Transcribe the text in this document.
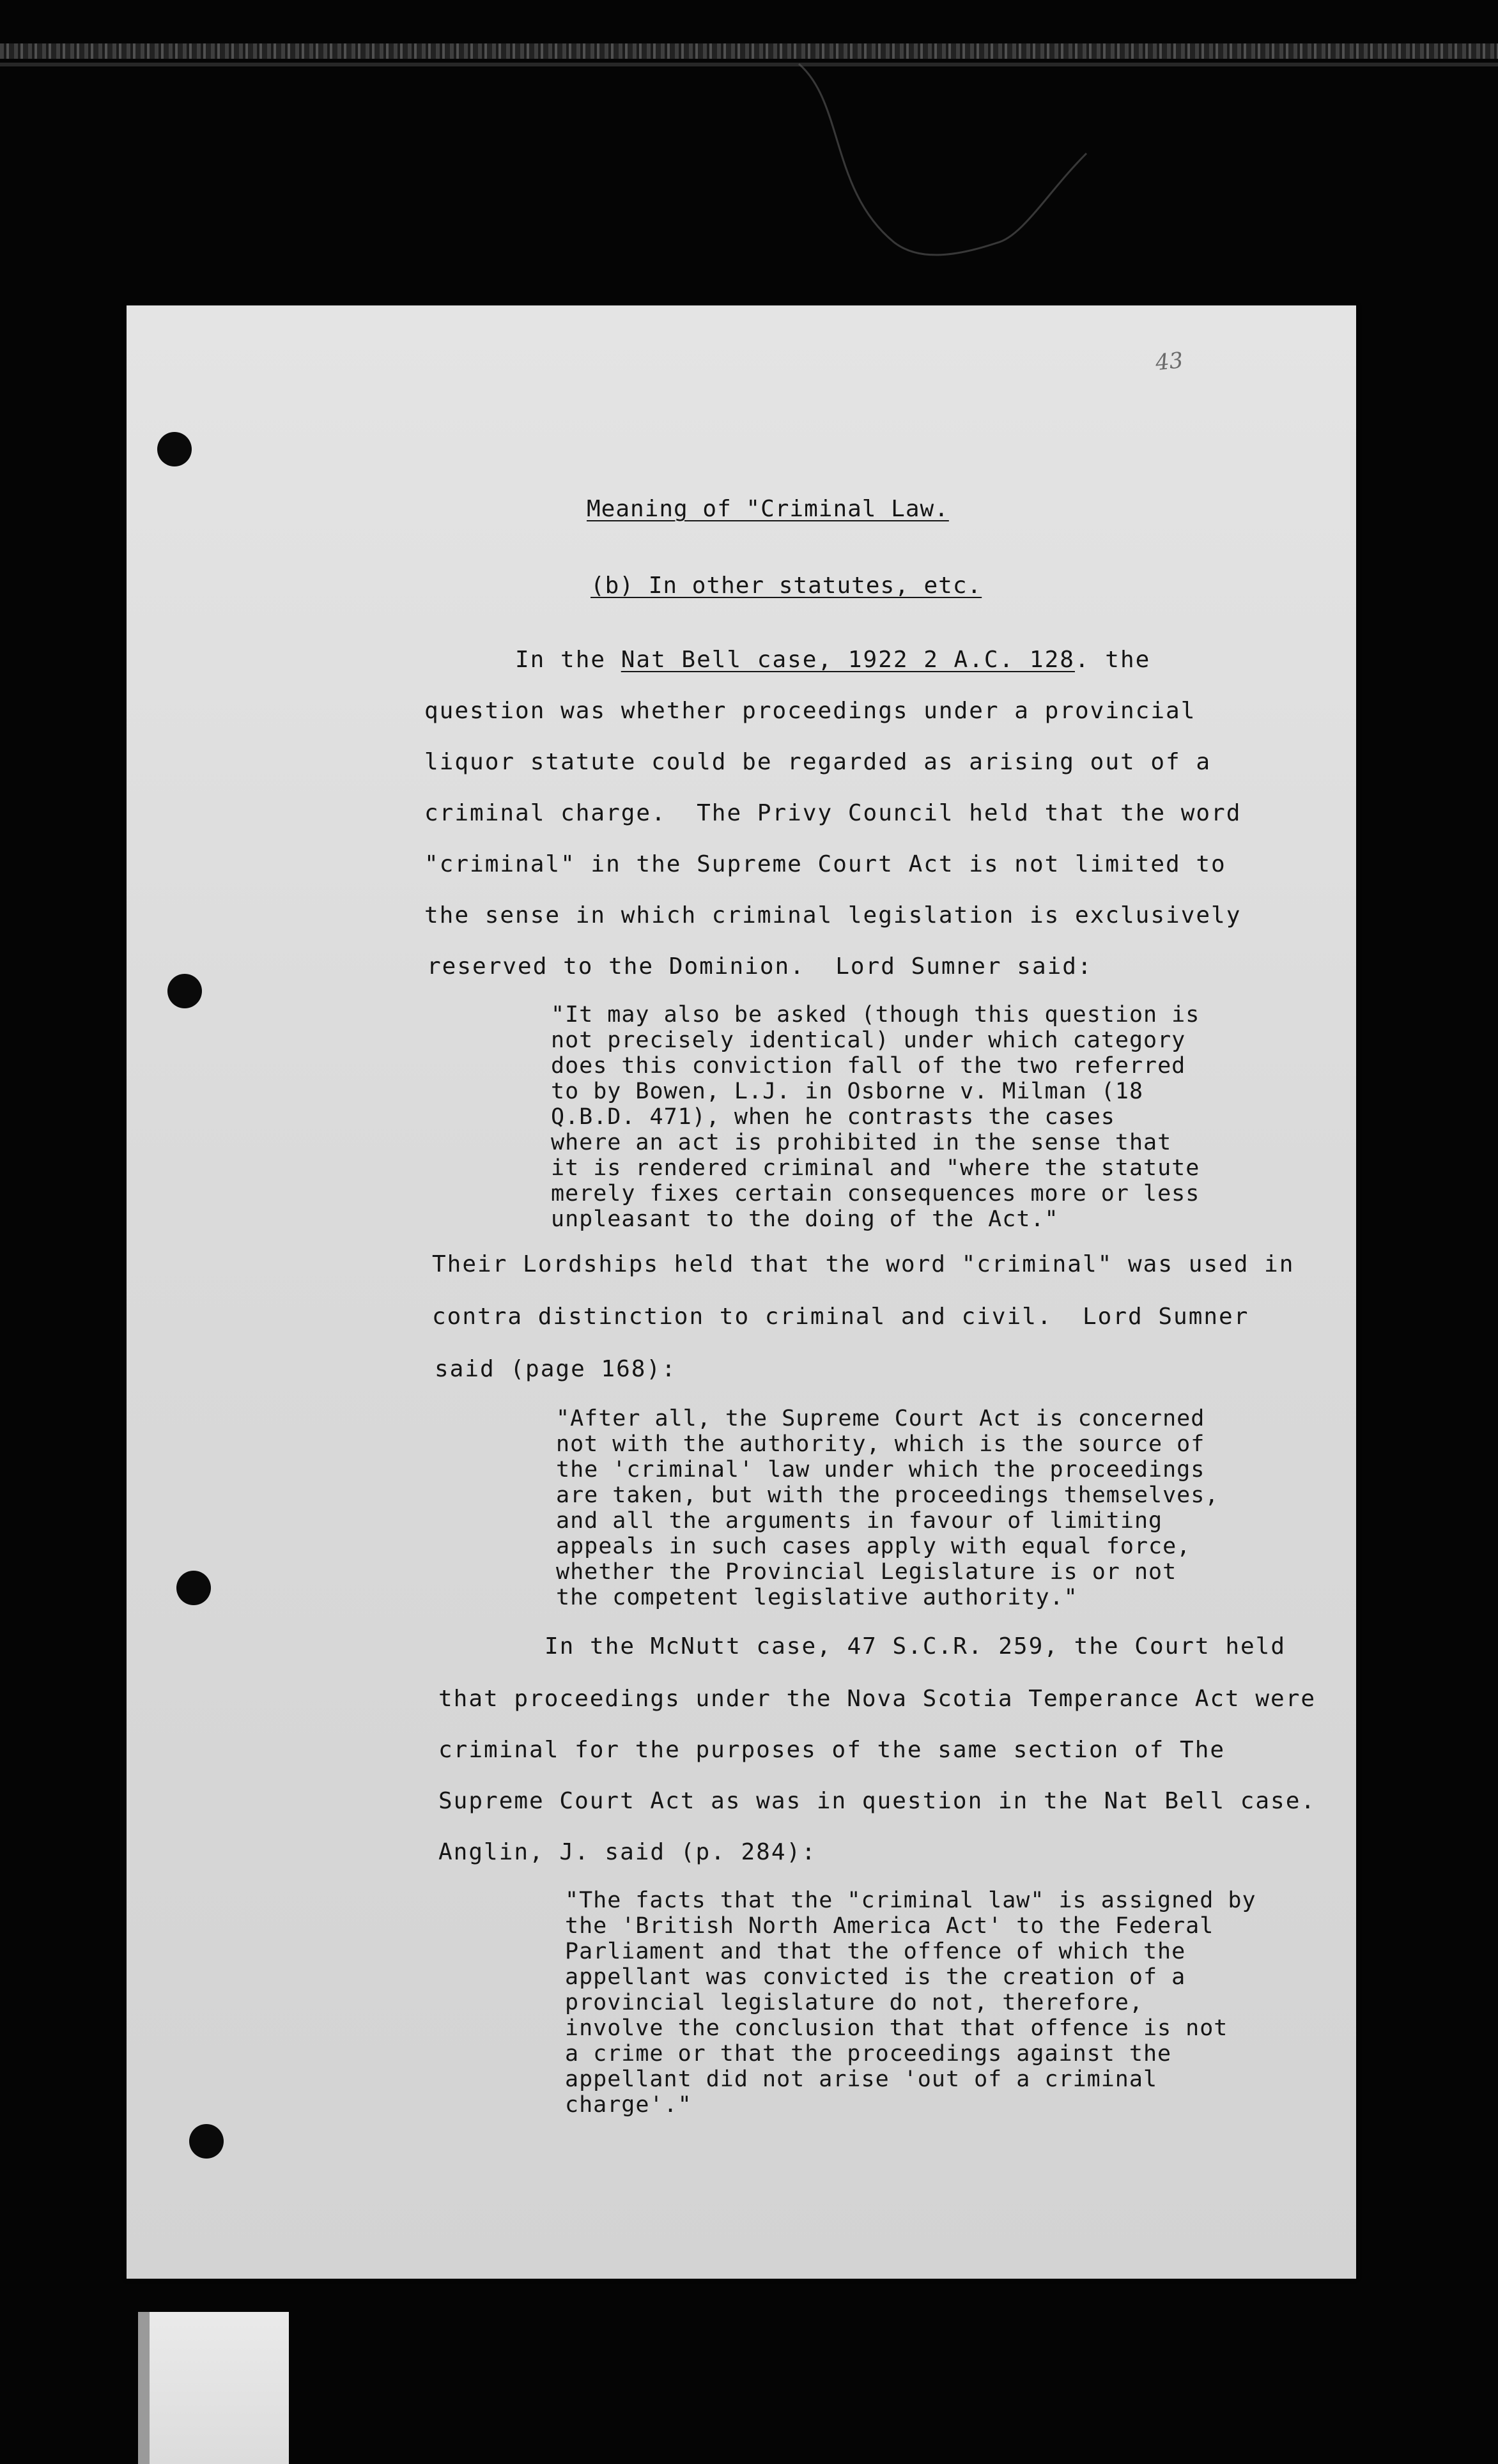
43
Meaning of "Criminal Law.
(b) In other statutes, etc.
In the Nat Bell case, 1922 2 A.C. 128. the
question was whether proceedings under a provincial
liquor statute could be regarded as arising out of a
criminal charge.  The Privy Council held that the word
"criminal" in the Supreme Court Act is not limited to
the sense in which criminal legislation is exclusively
reserved to the Dominion.  Lord Sumner said:
"It may also be asked (though this question is
not precisely identical) under which category
does this conviction fall of the two referred
to by Bowen, L.J. in Osborne v. Milman (18
Q.B.D. 471), when he contrasts the cases
where an act is prohibited in the sense that
it is rendered criminal and "where the statute
merely fixes certain consequences more or less
unpleasant to the doing of the Act."
Their Lordships held that the word "criminal" was used in
contra distinction to criminal and civil.  Lord Sumner
said (page 168):
"After all, the Supreme Court Act is concerned
not with the authority, which is the source of
the 'criminal' law under which the proceedings
are taken, but with the proceedings themselves,
and all the arguments in favour of limiting
appeals in such cases apply with equal force,
whether the Provincial Legislature is or not
the competent legislative authority."
In the McNutt case, 47 S.C.R. 259, the Court held
that proceedings under the Nova Scotia Temperance Act were
criminal for the purposes of the same section of The
Supreme Court Act as was in question in the Nat Bell case.
Anglin, J. said (p. 284):
"The facts that the "criminal law" is assigned by
the 'British North America Act' to the Federal
Parliament and that the offence of which the
appellant was convicted is the creation of a
provincial legislature do not, therefore,
involve the conclusion that that offence is not
a crime or that the proceedings against the
appellant did not arise 'out of a criminal
charge'."
